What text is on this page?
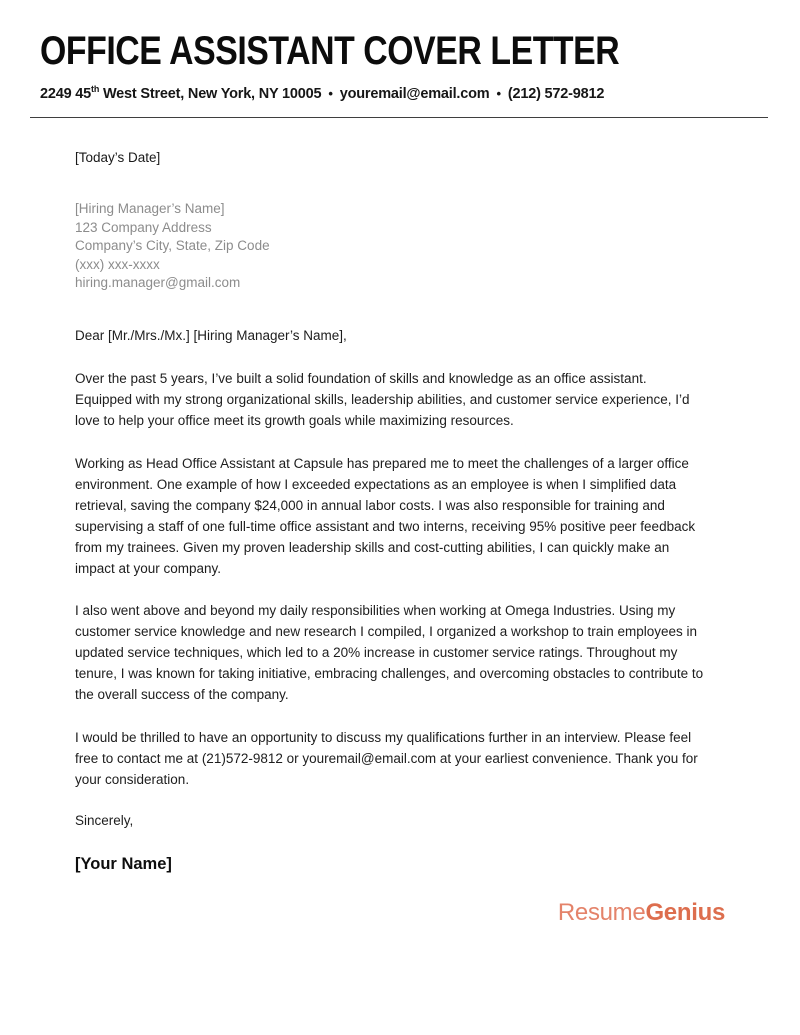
OFFICE ASSISTANT COVER LETTER
2249 45th West Street, New York, NY 10005 • youremail@email.com • (212) 572-9812

[Today’s Date]

[Hiring Manager’s Name]
123 Company Address
Company’s City, State, Zip Code
(xxx) xxx-xxxx
hiring.manager@gmail.com

Dear [Mr./Mrs./Mx.] [Hiring Manager’s Name],

Over the past 5 years, I’ve built a solid foundation of skills and knowledge as an office assistant. Equipped with my strong organizational skills, leadership abilities, and customer service experience, I’d love to help your office meet its growth goals while maximizing resources.

Working as Head Office Assistant at Capsule has prepared me to meet the challenges of a larger office environment. One example of how I exceeded expectations as an employee is when I simplified data retrieval, saving the company $24,000 in annual labor costs. I was also responsible for training and supervising a staff of one full-time office assistant and two interns, receiving 95% positive peer feedback from my trainees. Given my proven leadership skills and cost-cutting abilities, I can quickly make an impact at your company.

I also went above and beyond my daily responsibilities when working at Omega Industries. Using my customer service knowledge and new research I compiled, I organized a workshop to train employees in updated service techniques, which led to a 20% increase in customer service ratings. Throughout my tenure, I was known for taking initiative, embracing challenges, and overcoming obstacles to contribute to the overall success of the company.

I would be thrilled to have an opportunity to discuss my qualifications further in an interview. Please feel free to contact me at (21)572-9812 or youremail@email.com at your earliest convenience. Thank you for your consideration.

Sincerely,

[Your Name]

ResumeGenius
